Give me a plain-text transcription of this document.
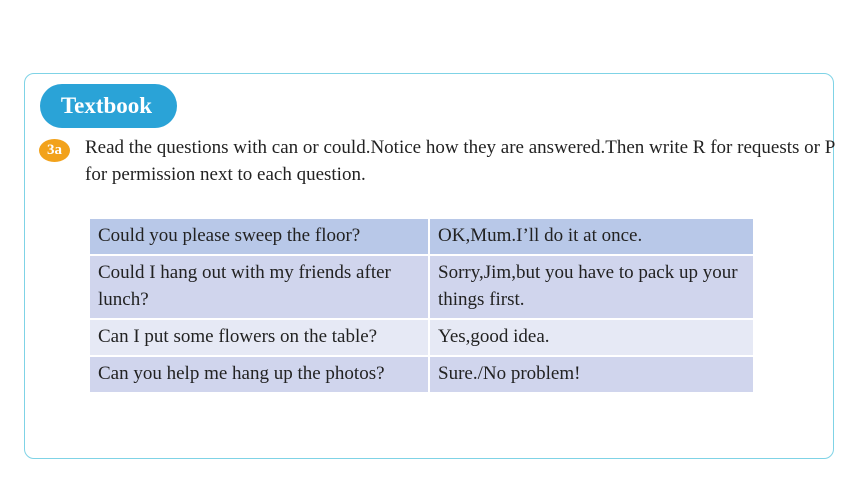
Textbook
3a	Read the questions with can or could.Notice how they are answered.Then write R for requests or P for permission next to each question.
Could you please sweep the floor?	OK,Mum.I’ll do it at once.
Could I hang out with my friends after lunch?	Sorry,Jim,but you have to pack up your things first.
Can I put some flowers on the table?	Yes,good idea.
Can you help me hang up the photos?	Sure./No problem!
